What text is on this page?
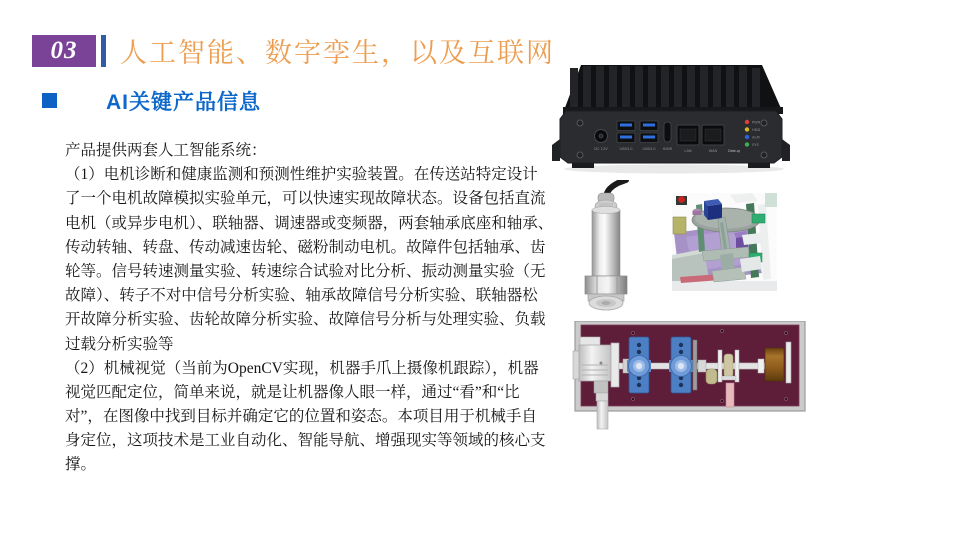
03 人工智能、数字孪生，以及互联网
AI关键产品信息
产品提供两套人工智能系统：
（1）电机诊断和健康监测和预测性维护实验装置。在传送站特定设计
了一个电机故障模拟实验单元，可以快速实现故障状态。设备包括直流
电机（或异步电机）、联轴器、调速器或变频器，两套轴承底座和轴承、
传动转轴、转盘、传动减速齿轮、磁粉制动电机。故障件包括轴承、齿
轮等。信号转速测量实验、转速综合试验对比分析、振动测量实验（无
故障）、转子不对中信号分析实验、轴承故障信号分析实验、联轴器松
开故障分析实验、齿轮故障分析实验、故障信号分析与处理实验、负载
过载分析实验等
（2）机械视觉（当前为OpenCV实现，机器手爪上摄像机跟踪），机器
视觉匹配定位，简单来说，就是让机器像人眼一样，通过“看”和“比
对”，在图像中找到目标并确定它的位置和姿态。本项目用于机械手自
身定位，这项技术是工业自动化、智能导航、增强现实等领域的核心支
撑。
PWR
HDD
ALM
SYS
DC 12V	USB3.0	USB3.0 HDMI	LAN	WAN	Debug
